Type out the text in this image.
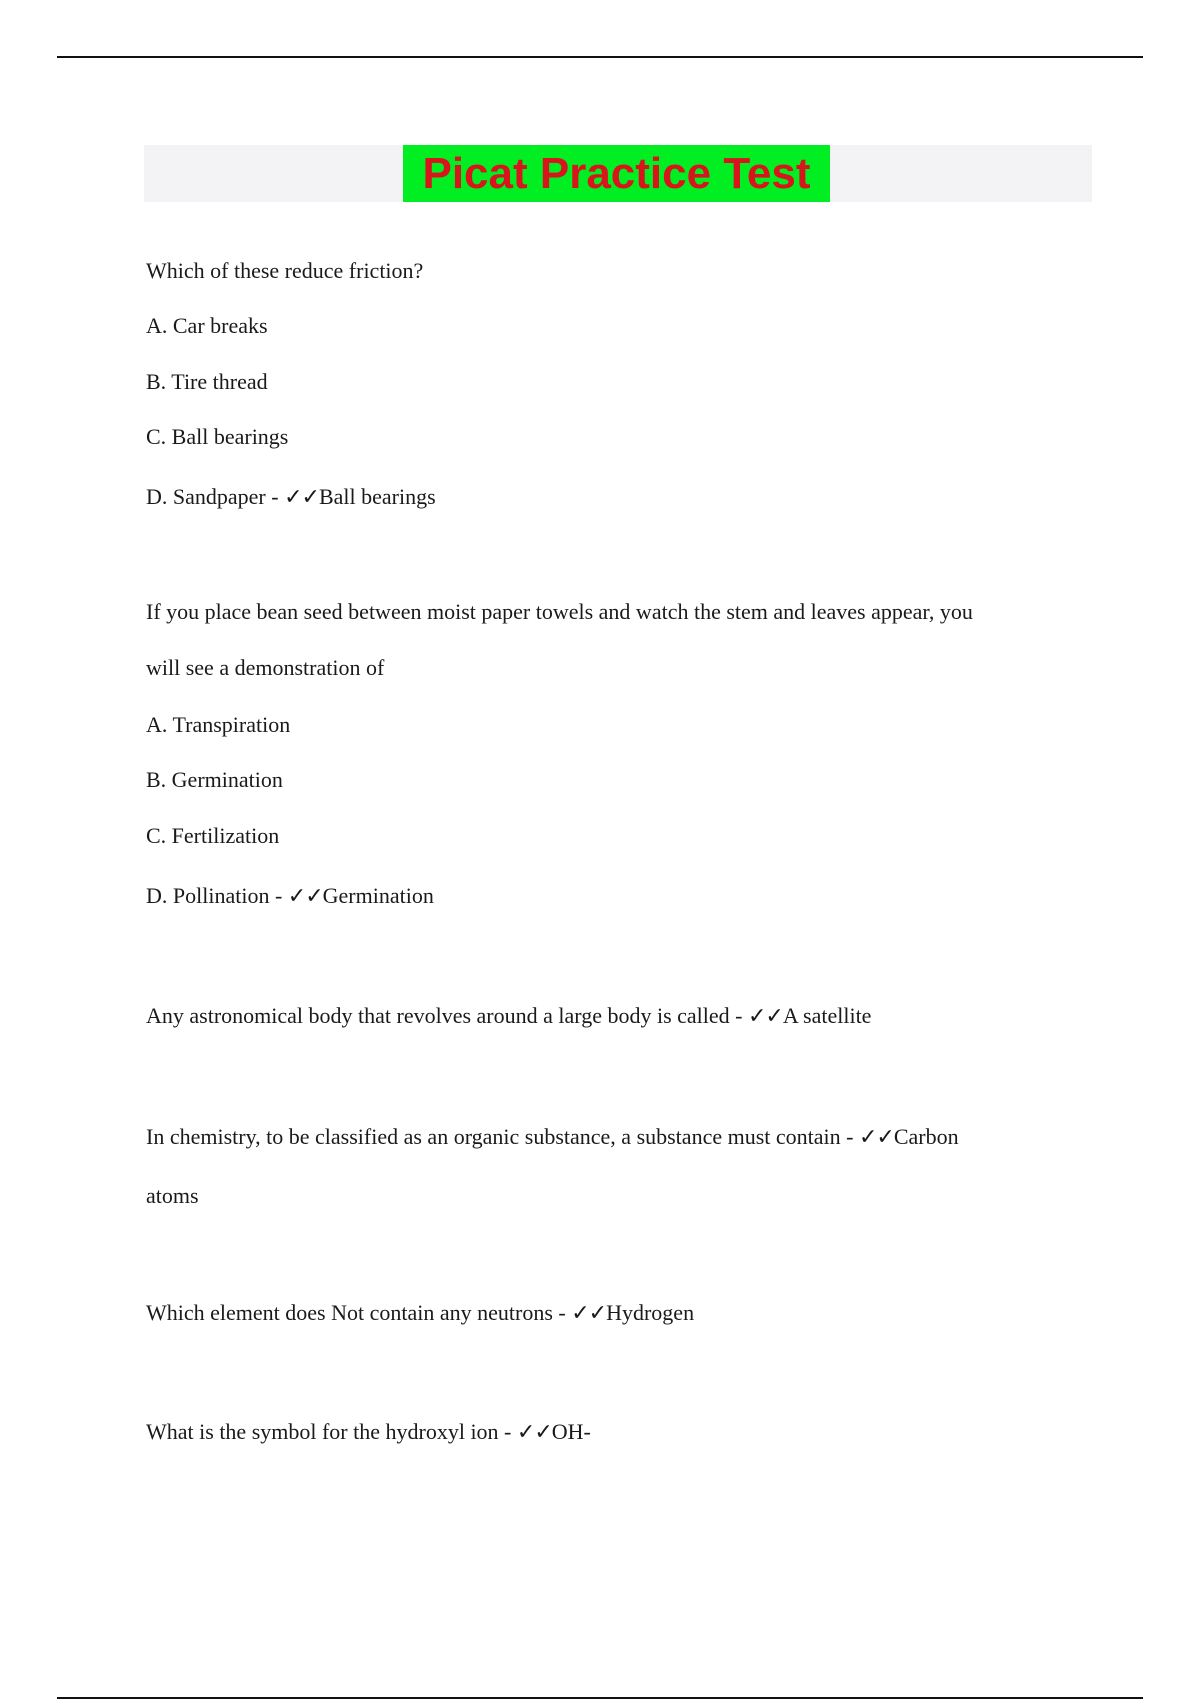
Picat Practice Test
Which of these reduce friction?
A. Car breaks
B. Tire thread
C. Ball bearings
D. Sandpaper - ✓✓Ball bearings
If you place bean seed between moist paper towels and watch the stem and leaves appear, you
will see a demonstration of
A. Transpiration
B. Germination
C. Fertilization
D. Pollination - ✓✓Germination
Any astronomical body that revolves around a large body is called - ✓✓A satellite
In chemistry, to be classified as an organic substance, a substance must contain - ✓✓Carbon
atoms
Which element does Not contain any neutrons - ✓✓Hydrogen
What is the symbol for the hydroxyl ion - ✓✓OH-
